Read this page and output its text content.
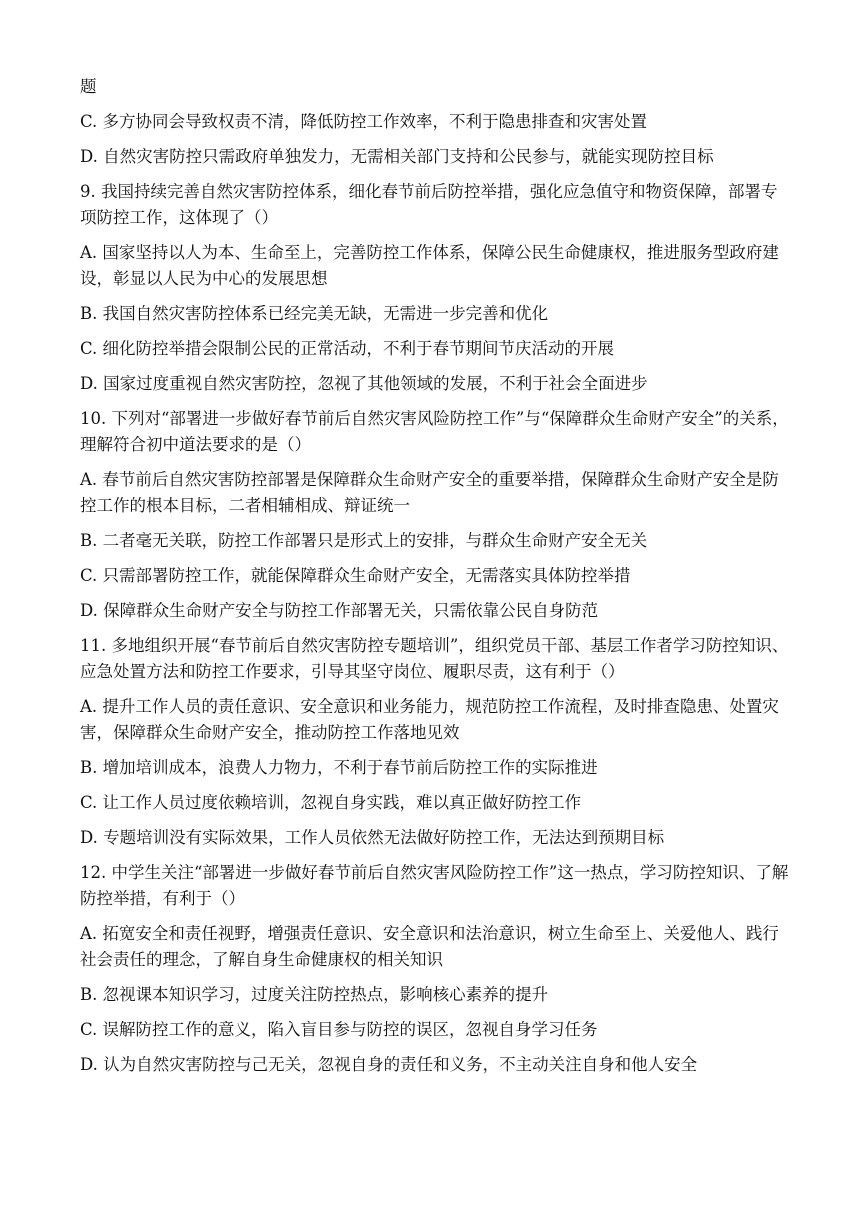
题

C. 多方协同会导致权责不清，降低防控工作效率，不利于隐患排查和灾害处置

D. 自然灾害防控只需政府单独发力，无需相关部门支持和公民参与，就能实现防控目标

9. 我国持续完善自然灾害防控体系，细化春节前后防控举措，强化应急值守和物资保障，部署专项防控工作，这体现了（）

A. 国家坚持以人为本、生命至上，完善防控工作体系，保障公民生命健康权，推进服务型政府建设，彰显以人民为中心的发展思想

B. 我国自然灾害防控体系已经完美无缺，无需进一步完善和优化

C. 细化防控举措会限制公民的正常活动，不利于春节期间节庆活动的开展

D. 国家过度重视自然灾害防控，忽视了其他领域的发展，不利于社会全面进步

10. 下列对“部署进一步做好春节前后自然灾害风险防控工作”与“保障群众生命财产安全”的关系，理解符合初中道法要求的是（）

A. 春节前后自然灾害防控部署是保障群众生命财产安全的重要举措，保障群众生命财产安全是防控工作的根本目标，二者相辅相成、辩证统一

B. 二者毫无关联，防控工作部署只是形式上的安排，与群众生命财产安全无关

C. 只需部署防控工作，就能保障群众生命财产安全，无需落实具体防控举措

D. 保障群众生命财产安全与防控工作部署无关，只需依靠公民自身防范

11. 多地组织开展“春节前后自然灾害防控专题培训”，组织党员干部、基层工作者学习防控知识、应急处置方法和防控工作要求，引导其坚守岗位、履职尽责，这有利于（）

A. 提升工作人员的责任意识、安全意识和业务能力，规范防控工作流程，及时排查隐患、处置灾害，保障群众生命财产安全，推动防控工作落地见效

B. 增加培训成本，浪费人力物力，不利于春节前后防控工作的实际推进

C. 让工作人员过度依赖培训，忽视自身实践，难以真正做好防控工作

D. 专题培训没有实际效果，工作人员依然无法做好防控工作，无法达到预期目标

12. 中学生关注“部署进一步做好春节前后自然灾害风险防控工作”这一热点，学习防控知识、了解防控举措，有利于（）

A. 拓宽安全和责任视野，增强责任意识、安全意识和法治意识，树立生命至上、关爱他人、践行社会责任的理念，了解自身生命健康权的相关知识

B. 忽视课本知识学习，过度关注防控热点，影响核心素养的提升

C. 误解防控工作的意义，陷入盲目参与防控的误区，忽视自身学习任务

D. 认为自然灾害防控与己无关，忽视自身的责任和义务，不主动关注自身和他人安全
